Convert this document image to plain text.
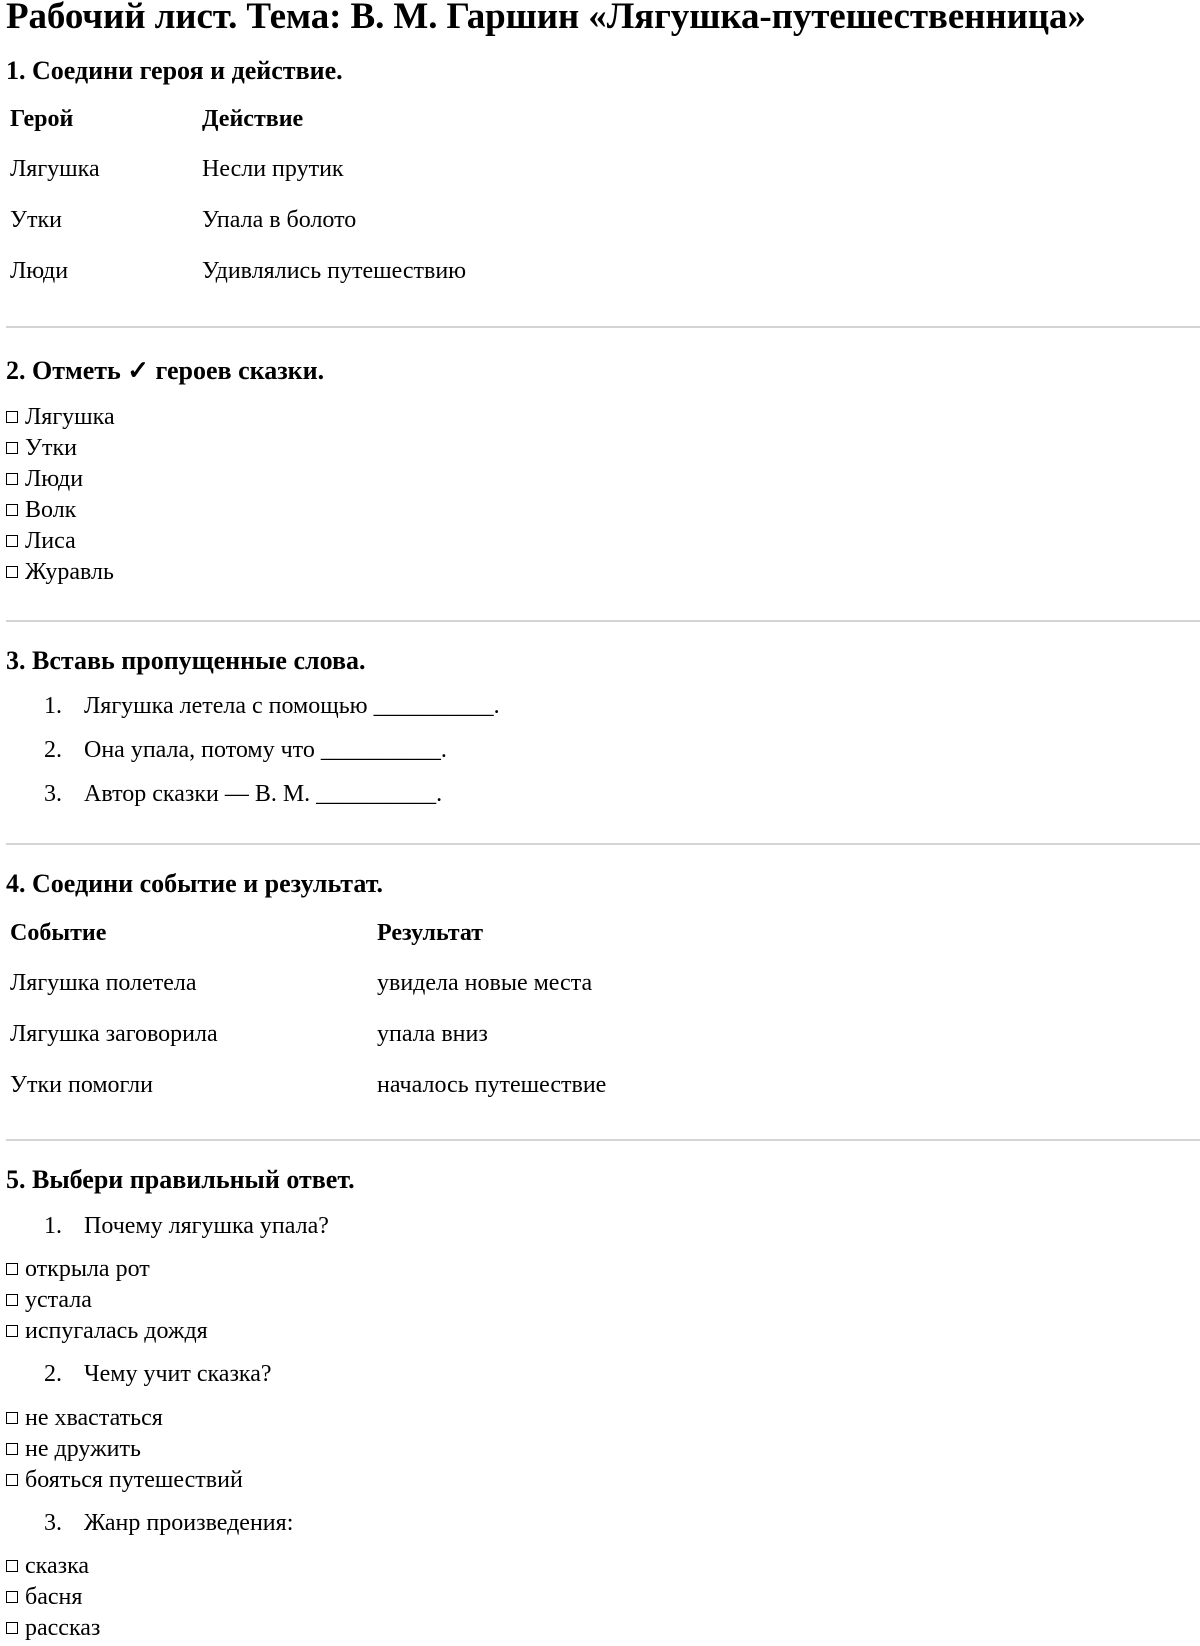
Рабочий лист. Тема: В. М. Гаршин «Лягушка-путешественница»
1. Соедини героя и действие.
Герой	Действие
Лягушка	Несли прутик
Утки	Упала в болото
Люди	Удивлялись путешествию
2. Отметь ✓ героев сказки.
Лягушка
Утки
Люди
Волк
Лиса
Журавль
3. Вставь пропущенные слова.
1. Лягушка летела с помощью __________.
2. Она упала, потому что __________.
3. Автор сказки — В. М. __________.
4. Соедини событие и результат.
Событие	Результат
Лягушка полетела	увидела новые места
Лягушка заговорила	упала вниз
Утки помогли	началось путешествие
5. Выбери правильный ответ.
1. Почему лягушка упала?
открыла рот
устала
испугалась дождя
2. Чему учит сказка?
не хвастаться
не дружить
бояться путешествий
3. Жанр произведения:
сказка
басня
рассказ
